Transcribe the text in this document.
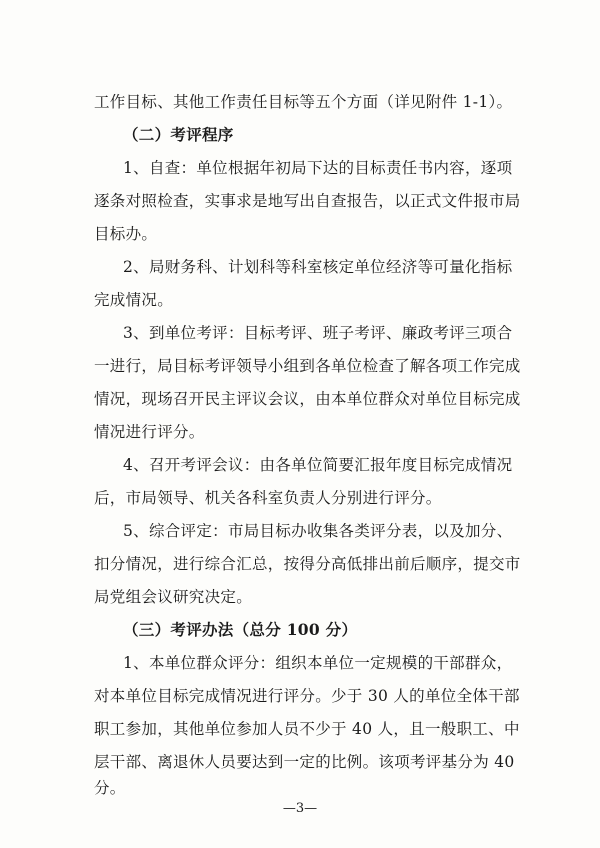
工作目标、其他工作责任目标等五个方面（详见附件 1-1）。
（二）考评程序
1、自查：单位根据年初局下达的目标责任书内容，逐项
逐条对照检查，实事求是地写出自查报告，以正式文件报市局
目标办。
2、局财务科、计划科等科室核定单位经济等可量化指标
完成情况。
3、到单位考评：目标考评、班子考评、廉政考评三项合
一进行，局目标考评领导小组到各单位检查了解各项工作完成
情况，现场召开民主评议会议，由本单位群众对单位目标完成
情况进行评分。
4、召开考评会议：由各单位简要汇报年度目标完成情况
后，市局领导、机关各科室负责人分别进行评分。
5、综合评定：市局目标办收集各类评分表，以及加分、
扣分情况，进行综合汇总，按得分高低排出前后顺序，提交市
局党组会议研究决定。
（三）考评办法（总分 100 分）
1、本单位群众评分：组织本单位一定规模的干部群众，
对本单位目标完成情况进行评分。少于 30 人的单位全体干部
职工参加，其他单位参加人员不少于 40 人，且一般职工、中
层干部、离退休人员要达到一定的比例。该项考评基分为 40
分。
—3—
